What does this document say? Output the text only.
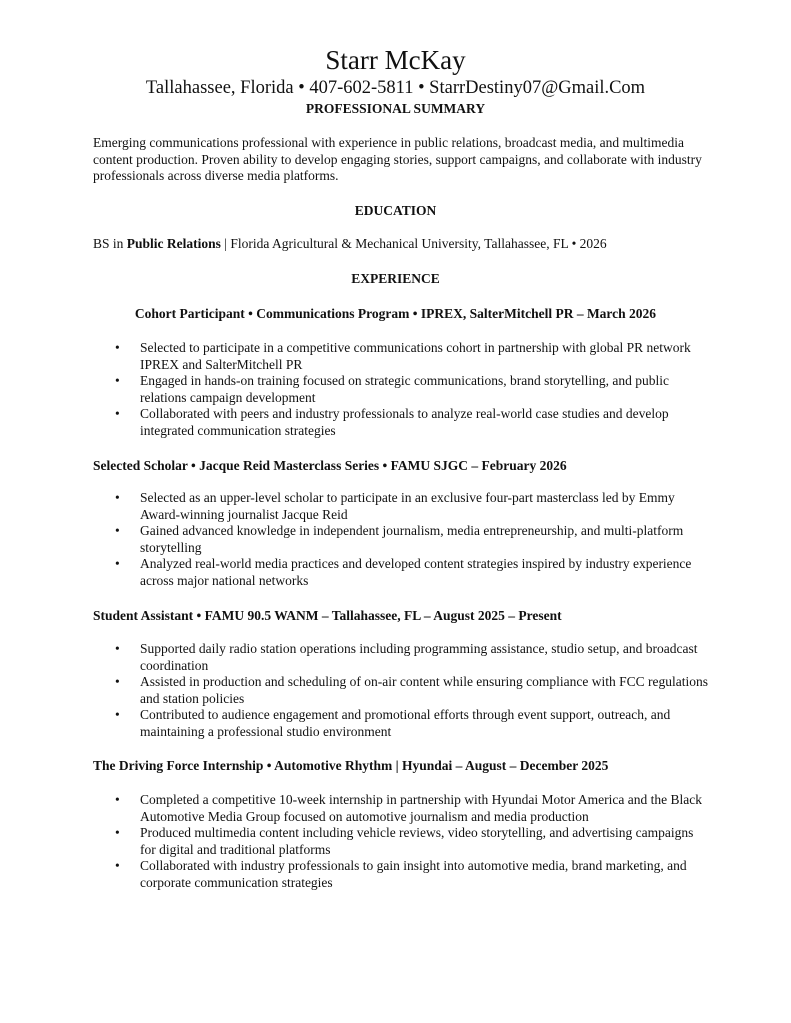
Starr McKay
Tallahassee, Florida • 407-602-5811 • StarrDestiny07@Gmail.Com
PROFESSIONAL SUMMARY
Emerging communications professional with experience in public relations, broadcast media, and multimedia content production. Proven ability to develop engaging stories, support campaigns, and collaborate with industry professionals across diverse media platforms.
EDUCATION
BS in Public Relations | Florida Agricultural & Mechanical University, Tallahassee, FL • 2026
EXPERIENCE
Cohort Participant • Communications Program • IPREX, SalterMitchell PR – March 2026
• Selected to participate in a competitive communications cohort in partnership with global PR network IPREX and SalterMitchell PR
• Engaged in hands-on training focused on strategic communications, brand storytelling, and public relations campaign development
• Collaborated with peers and industry professionals to analyze real-world case studies and develop integrated communication strategies
Selected Scholar • Jacque Reid Masterclass Series • FAMU SJGC – February 2026
• Selected as an upper-level scholar to participate in an exclusive four-part masterclass led by Emmy Award-winning journalist Jacque Reid
• Gained advanced knowledge in independent journalism, media entrepreneurship, and multi-platform storytelling
• Analyzed real-world media practices and developed content strategies inspired by industry experience across major national networks
Student Assistant • FAMU 90.5 WANM – Tallahassee, FL – August 2025 – Present
• Supported daily radio station operations including programming assistance, studio setup, and broadcast coordination
• Assisted in production and scheduling of on-air content while ensuring compliance with FCC regulations and station policies
• Contributed to audience engagement and promotional efforts through event support, outreach, and maintaining a professional studio environment
The Driving Force Internship • Automotive Rhythm | Hyundai – August – December 2025
• Completed a competitive 10-week internship in partnership with Hyundai Motor America and the Black Automotive Media Group focused on automotive journalism and media production
• Produced multimedia content including vehicle reviews, video storytelling, and advertising campaigns for digital and traditional platforms
• Collaborated with industry professionals to gain insight into automotive media, brand marketing, and corporate communication strategies
